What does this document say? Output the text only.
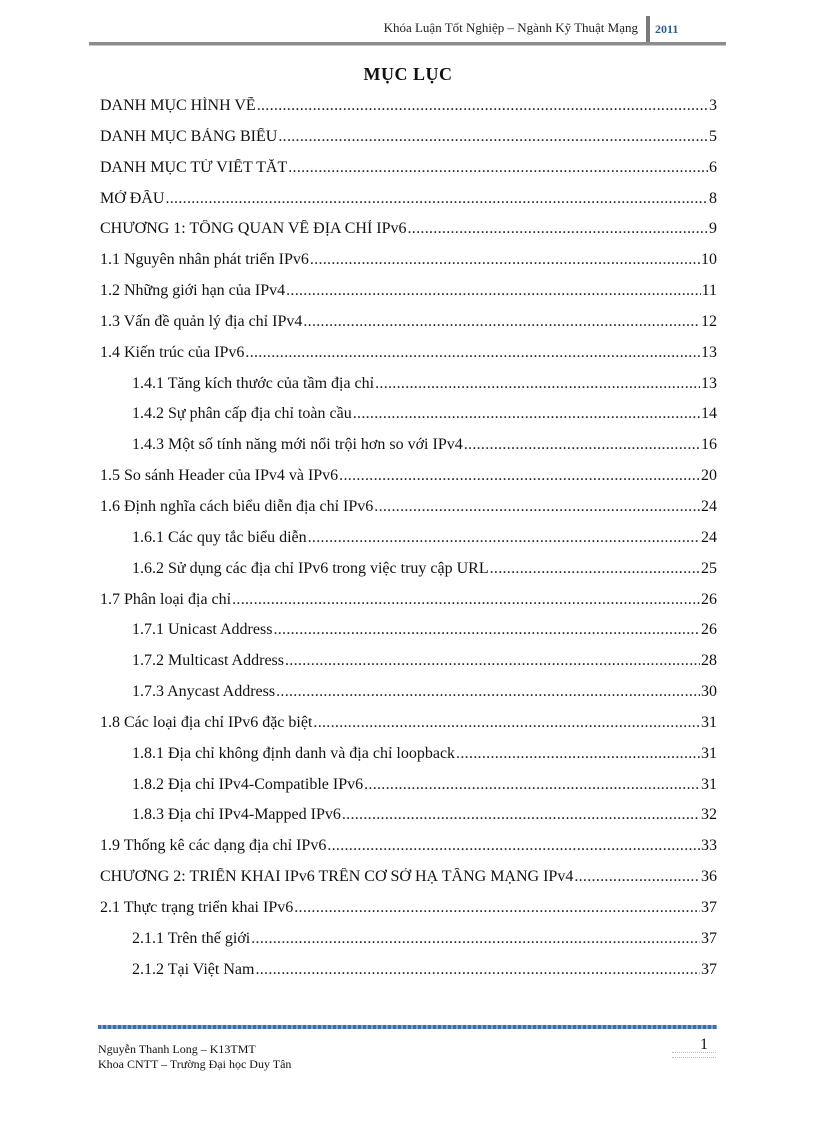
Khóa Luận Tốt Nghiệp – Ngành Kỹ Thuật Mạng 2011
MỤC LỤC
DANH MỤC HÌNH VẼ .....	3
DANH MỤC BẢNG BIỂU .....	5
DANH MỤC TỪ VIẾT TẮT .....	6
MỞ ĐẦU .....	8
CHƯƠNG 1: TỔNG QUAN VỀ ĐỊA CHỈ IPv6 .....	9
1.1 Nguyên nhân phát triển IPv6 .....	10
1.2 Những giới hạn của IPv4 .....	11
1.3 Vấn đề quản lý địa chỉ IPv4 .....	12
1.4 Kiến trúc của IPv6 .....	13
1.4.1 Tăng kích thước của tầm địa chỉ .....	13
1.4.2 Sự phân cấp địa chỉ toàn cầu .....	14
1.4.3 Một số tính năng mới nổi trội hơn so với IPv4 .....	16
1.5 So sánh Header của IPv4 và IPv6 .....	20
1.6 Định nghĩa cách biểu diễn địa chỉ IPv6 .....	24
1.6.1 Các quy tắc biểu diễn .....	24
1.6.2 Sử dụng các địa chỉ IPv6 trong việc truy cập URL .....	25
1.7 Phân loại địa chỉ .....	26
1.7.1 Unicast Address .....	26
1.7.2 Multicast Address .....	28
1.7.3 Anycast Address .....	30
1.8 Các loại địa chỉ IPv6 đặc biệt .....	31
1.8.1 Địa chỉ không định danh và địa chỉ loopback .....	31
1.8.2 Địa chỉ IPv4-Compatible IPv6 .....	31
1.8.3 Địa chỉ IPv4-Mapped IPv6 .....	32
1.9 Thống kê các dạng địa chỉ IPv6 .....	33
CHƯƠNG 2: TRIỂN KHAI IPv6 TRÊN CƠ SỞ HẠ TẦNG MẠNG IPv4 .....	36
2.1 Thực trạng triển khai IPv6 .....	37
2.1.1 Trên thế giới .....	37
2.1.2 Tại Việt Nam .....	37
Nguyễn Thanh Long – K13TMT
Khoa CNTT – Trường Đại học Duy Tân
1
